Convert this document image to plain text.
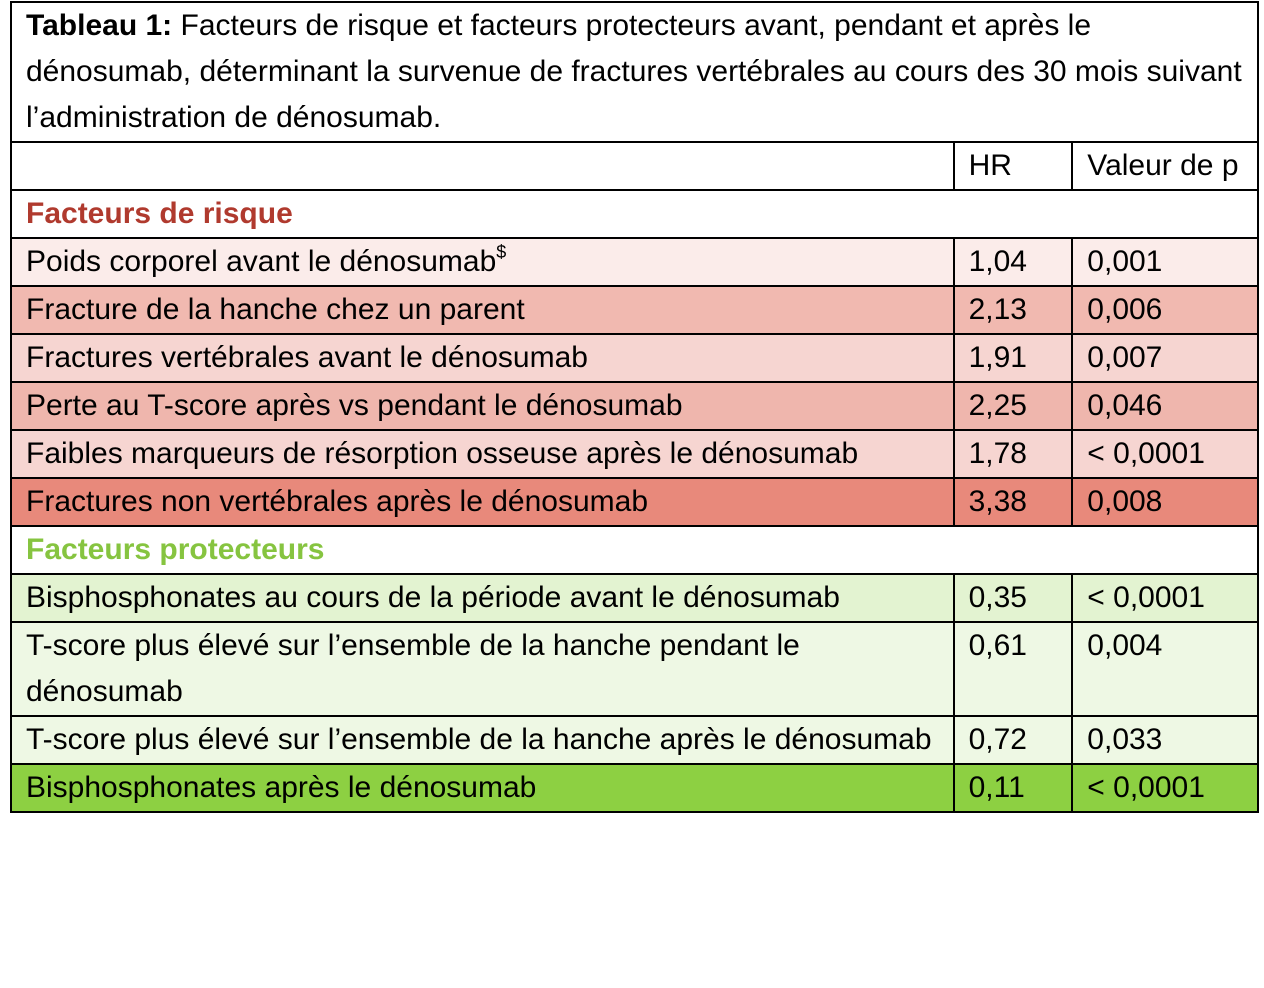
Tableau 1: Facteurs de risque et facteurs protecteurs avant, pendant et après le dénosumab, déterminant la survenue de fractures vertébrales au cours des 30 mois suivant l’administration de dénosumab.		
	HR	Valeur de p
Facteurs de risque		
Poids corporel avant le dénosumab$	1,04	0,001
Fracture de la hanche chez un parent	2,13	0,006
Fractures vertébrales avant le dénosumab	1,91	0,007
Perte au T-score après vs pendant le dénosumab	2,25	0,046
Faibles marqueurs de résorption osseuse après le dénosumab	1,78	< 0,0001
Fractures non vertébrales après le dénosumab	3,38	0,008
Facteurs protecteurs		
Bisphosphonates au cours de la période avant le dénosumab	0,35	< 0,0001
T-score plus élevé sur l’ensemble de la hanche pendant le dénosumab	0,61	0,004
T-score plus élevé sur l’ensemble de la hanche après le dénosumab	0,72	0,033
Bisphosphonates après le dénosumab	0,11	< 0,0001
